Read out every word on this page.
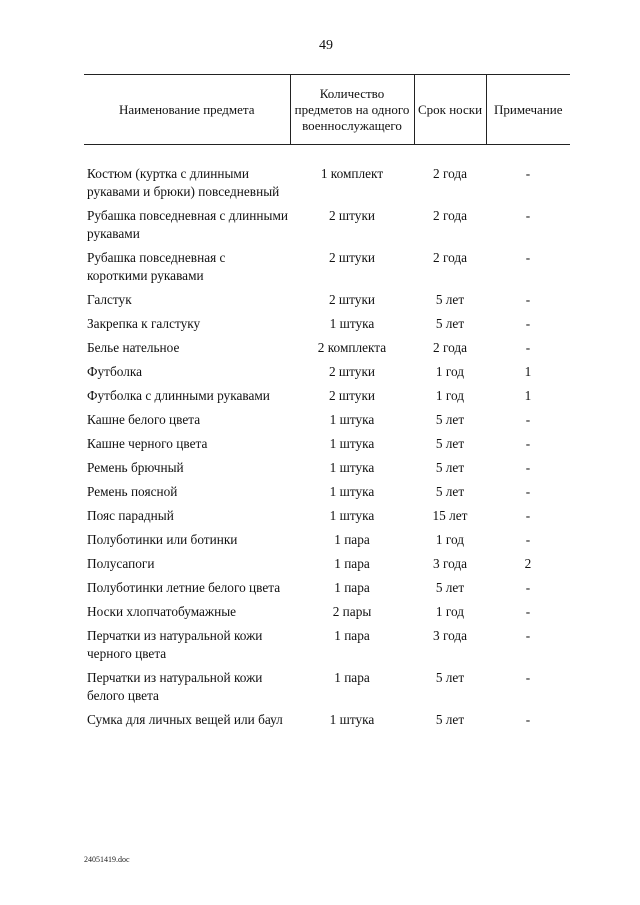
49
Наименование предмета	Количество предметов на одного военнослужащего	Срок носки	Примечание
Костюм (куртка с длинными рукавами и брюки) повседневный	1 комплект	2 года	-
Рубашка повседневная с длинными рукавами	2 штуки	2 года	-
Рубашка повседневная с короткими рукавами	2 штуки	2 года	-
Галстук	2 штуки	5 лет	-
Закрепка к галстуку	1 штука	5 лет	-
Белье нательное	2 комплекта	2 года	-
Футболка	2 штуки	1 год	1
Футболка с длинными рукавами	2 штуки	1 год	1
Кашне белого цвета	1 штука	5 лет	-
Кашне черного цвета	1 штука	5 лет	-
Ремень брючный	1 штука	5 лет	-
Ремень поясной	1 штука	5 лет	-
Пояс парадный	1 штука	15 лет	-
Полуботинки или ботинки	1 пара	1 год	-
Полусапоги	1 пара	3 года	2
Полуботинки летние белого цвета	1 пара	5 лет	-
Носки хлопчатобумажные	2 пары	1 год	-
Перчатки из натуральной кожи черного цвета	1 пара	3 года	-
Перчатки из натуральной кожи белого цвета	1 пара	5 лет	-
Сумка для личных вещей или баул	1 штука	5 лет	-
24051419.doc
